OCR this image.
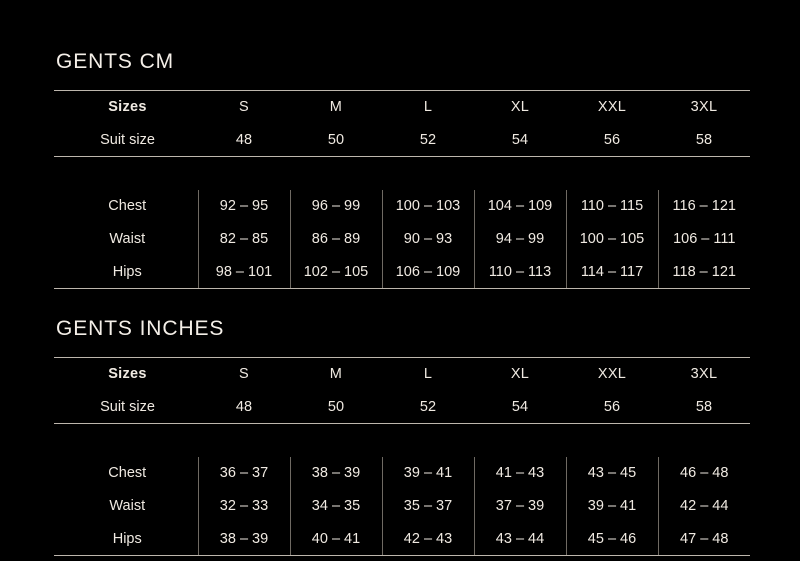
GENTS CM
Sizes	S	M	L	XL	XXL	3XL
Suit size	48	50	52	54	56	58

Chest	92 – 95	96 – 99	100 – 103	104 – 109	110 – 115	116 – 121
Waist	82 – 85	86 – 89	90 – 93	94 – 99	100 – 105	106 – 111
Hips	98 – 101	102 – 105	106 – 109	110 – 113	114 – 117	118 – 121
GENTS INCHES
Sizes	S	M	L	XL	XXL	3XL
Suit size	48	50	52	54	56	58

Chest	36 – 37	38 – 39	39 – 41	41 – 43	43 – 45	46 – 48
Waist	32 – 33	34 – 35	35 – 37	37 – 39	39 – 41	42 – 44
Hips	38 – 39	40 – 41	42 – 43	43 – 44	45 – 46	47 – 48
